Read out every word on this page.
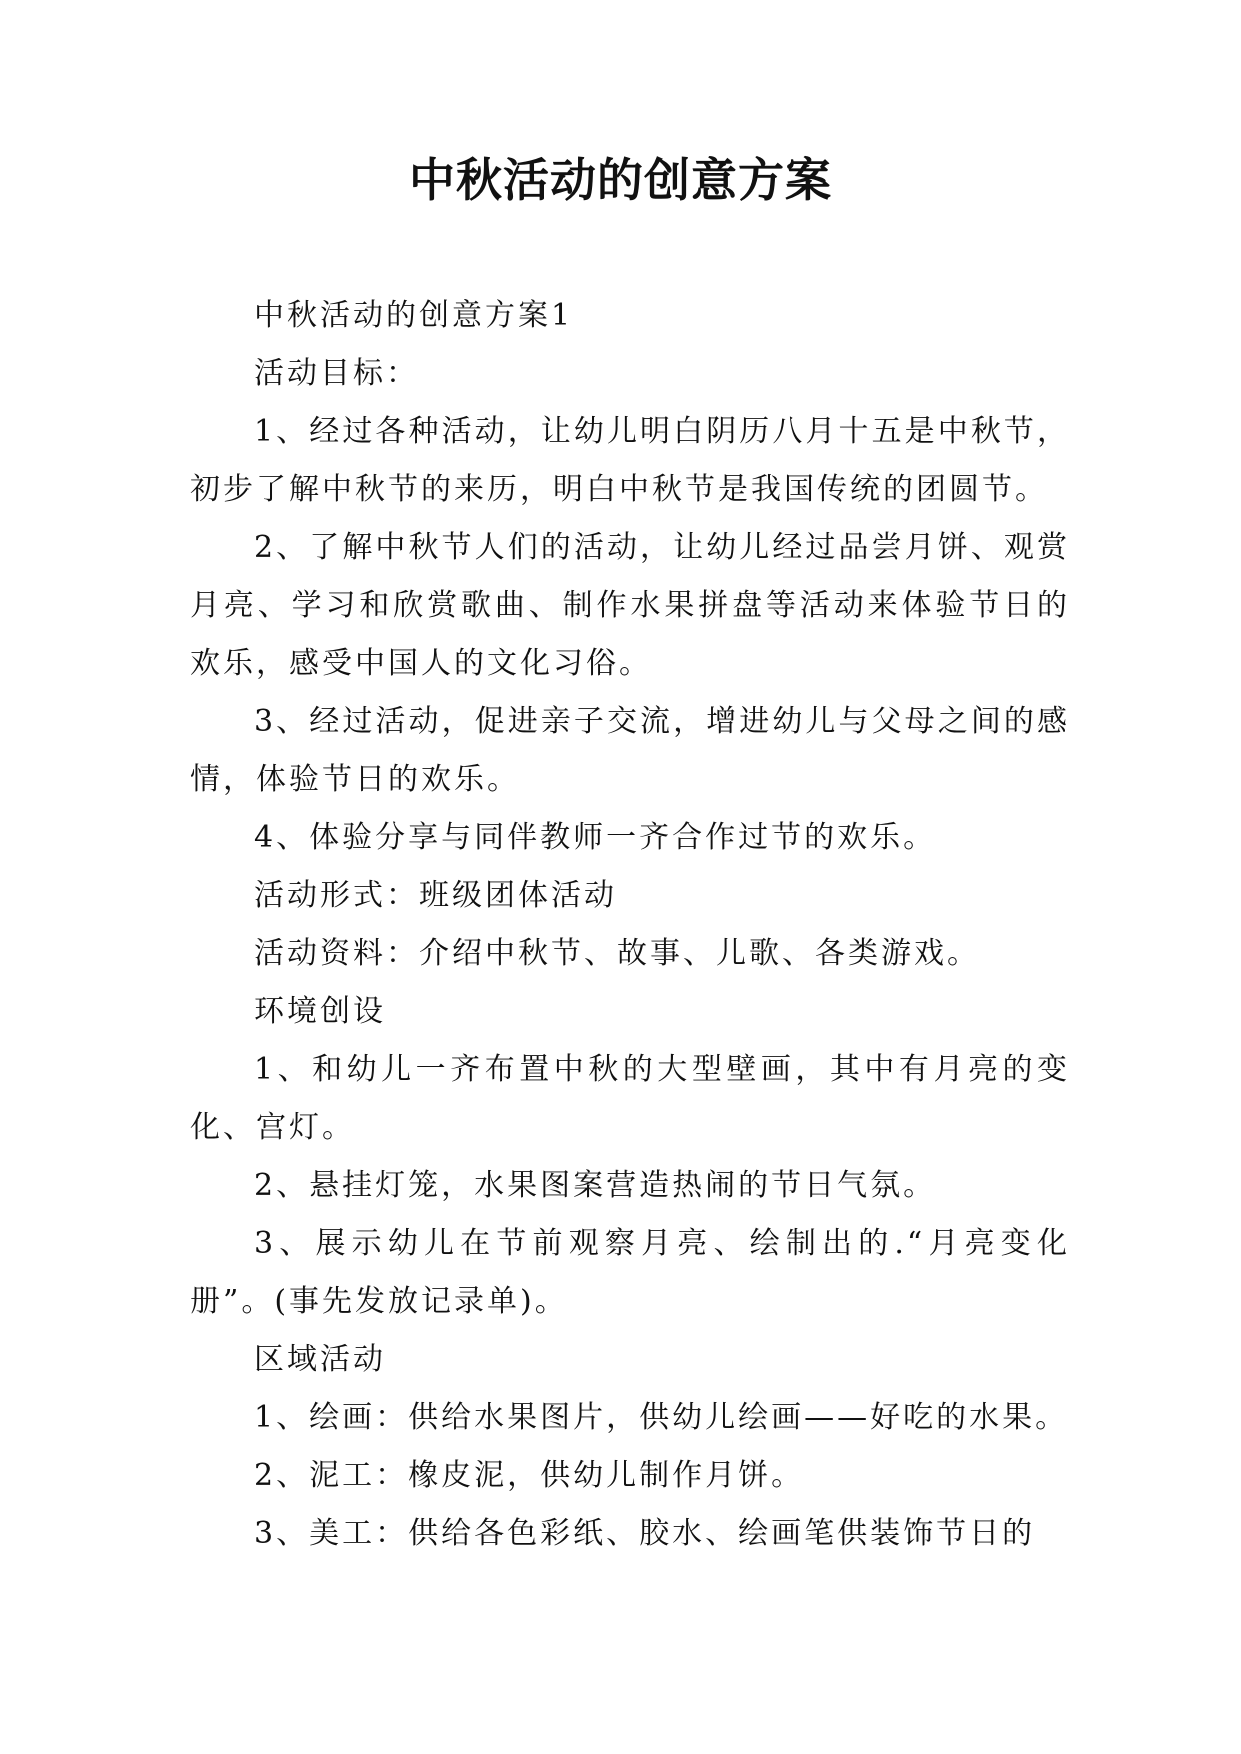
中秋活动的创意方案

中秋活动的创意方案1

活动目标：

1、经过各种活动，让幼儿明白阴历八月十五是中秋节，初步了解中秋节的来历，明白中秋节是我国传统的团圆节。

2、了解中秋节人们的活动，让幼儿经过品尝月饼、观赏月亮、学习和欣赏歌曲、制作水果拼盘等活动来体验节日的欢乐，感受中国人的文化习俗。

3、经过活动，促进亲子交流，增进幼儿与父母之间的感情，体验节日的欢乐。

4、体验分享与同伴教师一齐合作过节的欢乐。

活动形式：班级团体活动

活动资料：介绍中秋节、故事、儿歌、各类游戏。

环境创设

1、和幼儿一齐布置中秋的大型壁画，其中有月亮的变化、宫灯。

2、悬挂灯笼，水果图案营造热闹的节日气氛。

3、展示幼儿在节前观察月亮、绘制出的.“月亮变化册”。(事先发放记录单)。

区域活动

1、绘画：供给水果图片，供幼儿绘画——好吃的水果。

2、泥工：橡皮泥，供幼儿制作月饼。

3、美工：供给各色彩纸、胶水、绘画笔供装饰节日的
